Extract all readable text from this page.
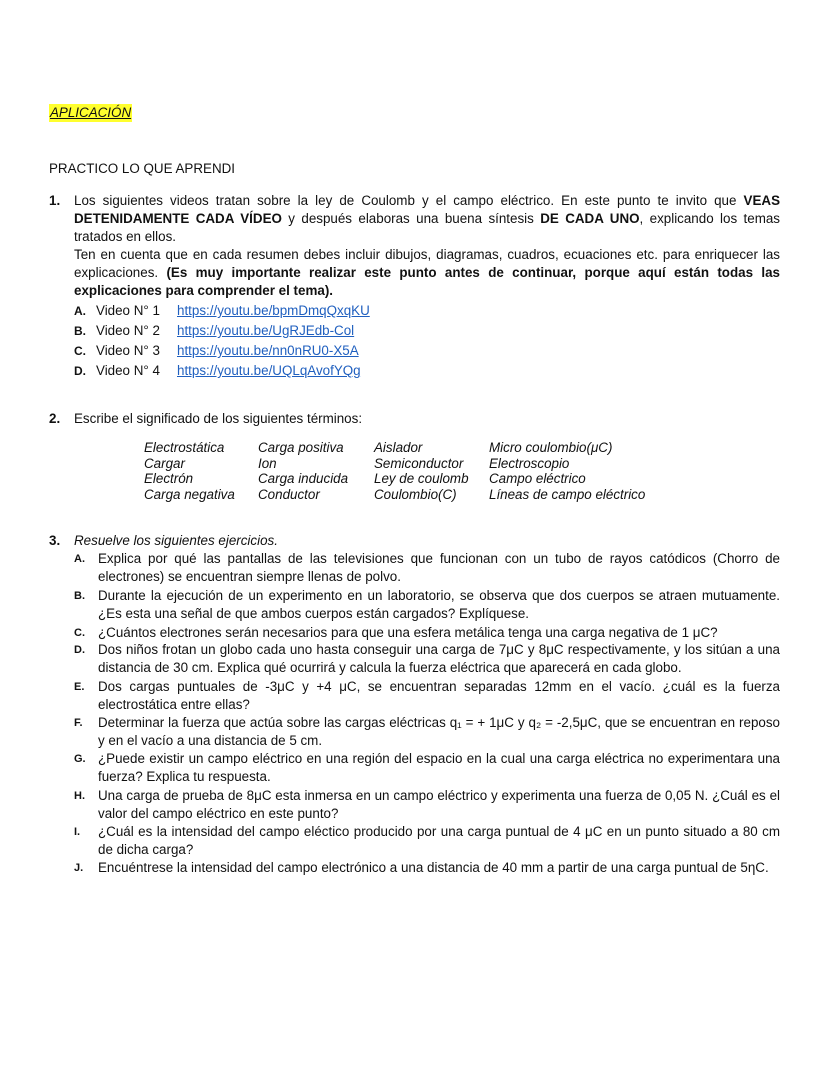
APLICACIÓN
PRACTICO LO QUE APRENDI
1. Los siguientes videos tratan sobre la ley de Coulomb y el campo eléctrico. En este punto te invito que VEAS DETENIDAMENTE CADA VÍDEO y después elaboras una buena síntesis DE CADA UNO, explicando los temas tratados en ellos.

Ten en cuenta que en cada resumen debes incluir dibujos, diagramas, cuadros, ecuaciones etc. para enriquecer las explicaciones. (Es muy importante realizar este punto antes de continuar, porque aquí están todas las explicaciones para comprender el tema).

A. Video N° 1 https://youtu.be/bpmDmqQxqKU
B. Video N° 2 https://youtu.be/UgRJEdb-Col
C. Video N° 3 https://youtu.be/nn0nRU0-X5A
D. Video N° 4 https://youtu.be/UQLqAvofYQg
2. Escribe el significado de los siguientes términos:
Electrostática
Cargar
Electrón
Carga negativa
Carga positiva
Ion
Carga inducida
Conductor
Aislador
Semiconductor
Ley de coulomb
Coulombio(C)
Micro coulombio(μC)
Electroscopio
Campo eléctrico
Líneas de campo eléctrico
3. Resuelve los siguientes ejercicios.
A. Explica por qué las pantallas de las televisiones que funcionan con un tubo de rayos catódicos (Chorro de electrones) se encuentran siempre llenas de polvo.
B. Durante la ejecución de un experimento en un laboratorio, se observa que dos cuerpos se atraen mutuamente. ¿Es esta una señal de que ambos cuerpos están cargados? Explíquese.
C. ¿Cuántos electrones serán necesarios para que una esfera metálica tenga una carga negativa de 1 μC?
D. Dos niños frotan un globo cada uno hasta conseguir una carga de 7μC y 8μC respectivamente, y los sitúan a una distancia de 30 cm. Explica qué ocurrirá y calcula la fuerza eléctrica que aparecerá en cada globo.
E. Dos cargas puntuales de -3μC y +4 μC, se encuentran separadas 12mm en el vacío. ¿cuál es la fuerza electrostática entre ellas?
F. Determinar la fuerza que actúa sobre las cargas eléctricas q₁ = + 1μC y q₂ = -2,5μC, que se encuentran en reposo y en el vacío a una distancia de 5 cm.
G. ¿Puede existir un campo eléctrico en una región del espacio en la cual una carga eléctrica no experimentara una fuerza? Explica tu respuesta.
H. Una carga de prueba de 8μC esta inmersa en un campo eléctrico y experimenta una fuerza de 0,05 N. ¿Cuál es el valor del campo eléctrico en este punto?
I. ¿Cuál es la intensidad del campo eléctico producido por una carga puntual de 4 μC en un punto situado a 80 cm de dicha carga?
J. Encuéntrese la intensidad del campo electrónico a una distancia de 40 mm a partir de una carga puntual de 5ηC.
